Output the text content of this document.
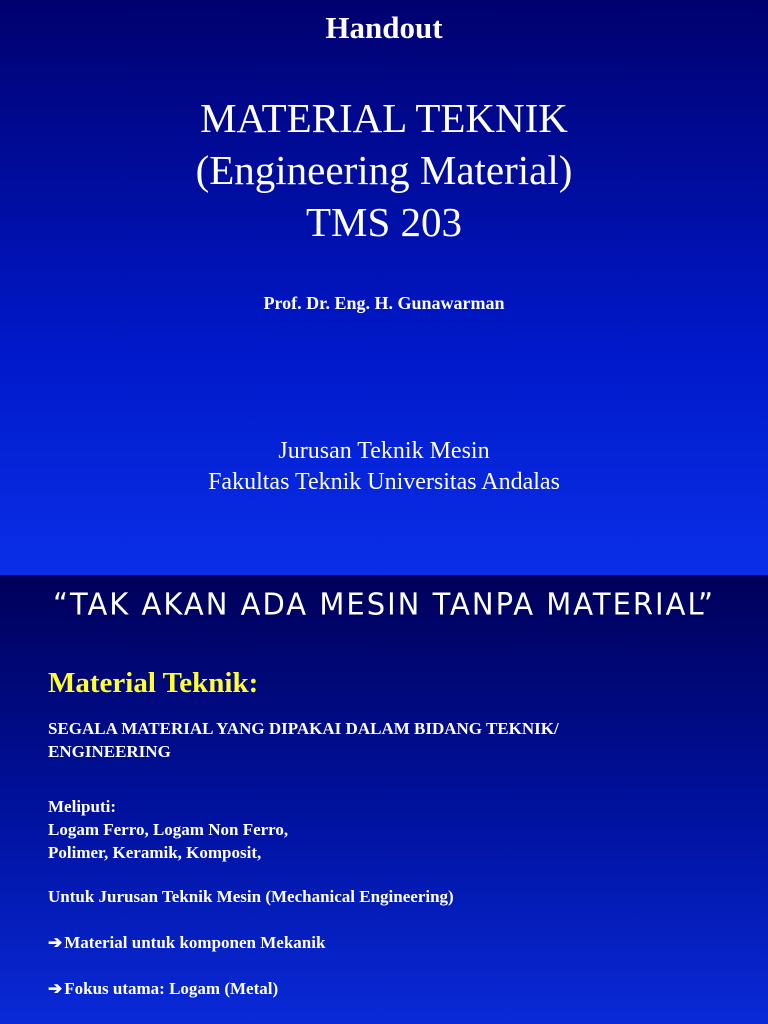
Handout

MATERIAL TEKNIK
(Engineering Material)
TMS 203

Prof. Dr. Eng. H. Gunawarman

Jurusan Teknik Mesin
Fakultas Teknik Universitas Andalas

“TAK AKAN ADA MESIN TANPA MATERIAL”

Material Teknik:
SEGALA MATERIAL YANG DIPAKAI DALAM BIDANG TEKNIK/
ENGINEERING
Meliputi:
Logam Ferro, Logam Non Ferro,
Polimer, Keramik, Komposit,

Untuk Jurusan Teknik Mesin (Mechanical Engineering)

➔ Material untuk komponen Mekanik

➔ Fokus utama: Logam (Metal)
